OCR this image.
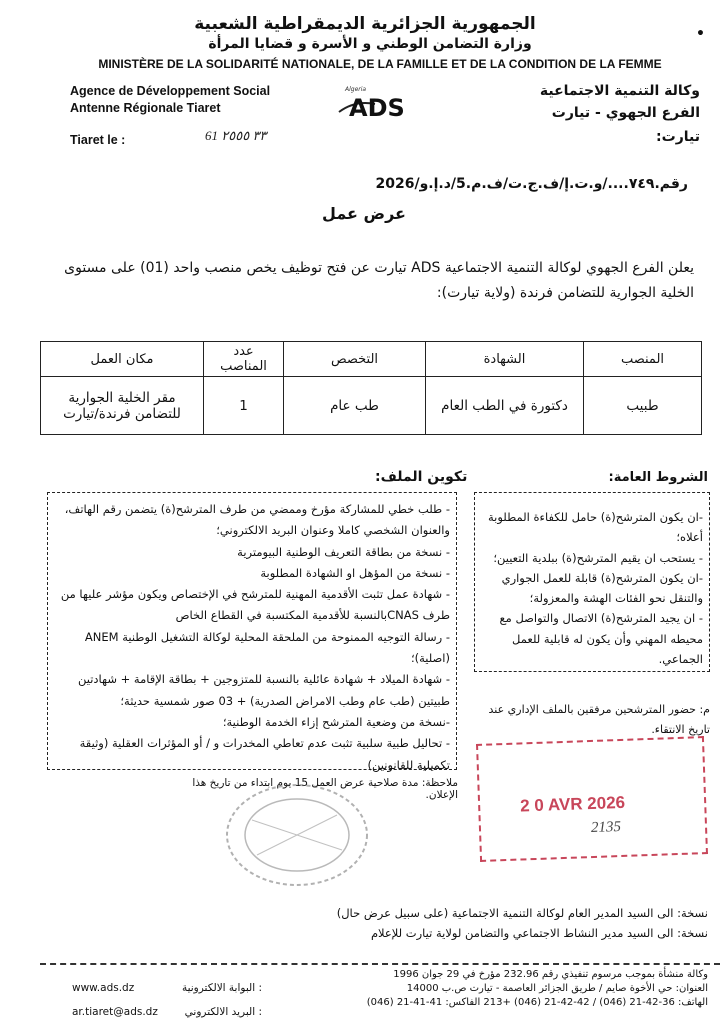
•
الجمهورية الجزائرية الديمقراطية الشعبية
وزارة التضامن الوطني و الأسرة و قضايا المرأة
MINISTÈRE DE LA SOLIDARITÉ NATIONALE, DE LA FAMILLE ET DE LA CONDITION DE LA FEMME
Agence de Développement Social
Antenne Régionale Tiaret
Algeria
ADS
وكالة التنمية الاجتماعية
الفرع الجهوي - تيارت
Tiaret le :	61 ٣٣ ٢٥٥٥	تيارت:
رقم.٧٤٩..../و.ت.إ/ف.ج.ت/ف.م.5/د.إ.و/2026
عرض عمل
يعلن الفرع الجهوي لوكالة التنمية الاجتماعية ADS تيارت عن فتح توظيف يخص منصب واحد (01) على مستوى الخلية الجوارية للتضامن فرندة (ولاية تيارت):
المنصب	الشهادة	التخصص	عدد المناصب	مكان العمل
طبيب	دكتورة في الطب العام	طب عام	1	مقر الخلية الجوارية للتضامن فرندة/تيارت
الشروط العامة:
تكوين الملف:
- طلب خطي للمشاركة مؤرخ وممضي من طرف المترشح(ة) يتضمن رقم الهاتف، والعنوان الشخصي كاملا وعنوان البريد الالكتروني؛
- نسخة من بطاقة التعريف الوطنية البيومترية
- نسخة من المؤهل او الشهادة المطلوبة
- شهادة عمل تثبت الأقدمية المهنية للمترشح في الإختصاص ويكون مؤشر عليها من طرف CNASبالنسبة للأقدمية المكتسبة في القطاع الخاص
- رسالة التوجيه الممنوحة من الملحقة المحلية لوكالة التشغيل الوطنية ANEM (اصلية)؛
- شهادة الميلاد + شهادة عائلية بالنسبة للمتزوجين + بطاقة الإقامة + شهادتين طبيتين (طب عام وطب الامراض الصدرية) + 03 صور شمسية حديثة؛
-نسخة من وضعية المترشح إزاء الخدمة الوطنية؛
- تحاليل طبية سلبية تثبت عدم تعاطي المخدرات و / أو المؤثرات العقلية (وثيقة تكميلية للقانونين)
-ان يكون المترشح(ة) حامل للكفاءة المطلوبة أعلاه؛
- يستحب ان يقيم المترشح(ة) ببلدية التعيين؛
-ان يكون المترشح(ة) قابلة للعمل الجواري والتنقل نحو الفئات الهشة والمعزولة؛
- ان يجيد المترشح(ة) الاتصال والتواصل مع محيطه المهني وأن يكون له قابلية للعمل الجماعي.
م: حضور المترشحين مرفقين بالملف الإداري عند تاريخ الانتقاء.
ملاحظة: مدة صلاحية عرض العمل 15 يوم ابتداء من تاريخ هذا الإعلان.	2 0 AVR 2026
2135
نسخة: الى السيد المدير العام لوكالة التنمية الاجتماعية (على سبيل عرض حال)
نسخة: الى السيد مدير النشاط الاجتماعي والتضامن لولاية تيارت للإعلام
وكالة منشأة بموجب مرسوم تنفيذي رقم 232.96 مؤرخ في 29 جوان 1996
العنوان: حي الأخوة صايم / طريق الجزائر العاصمة - تيارت ص.ب 14000
الهاتف: 36-42-21 (046) / 42-42-21 (046) +213 الفاكس: 41-41-21 (046)
www.ads.dz	: البوابة الالكترونية
ar.tiaret@ads.dz	: البريد الالكتروني
